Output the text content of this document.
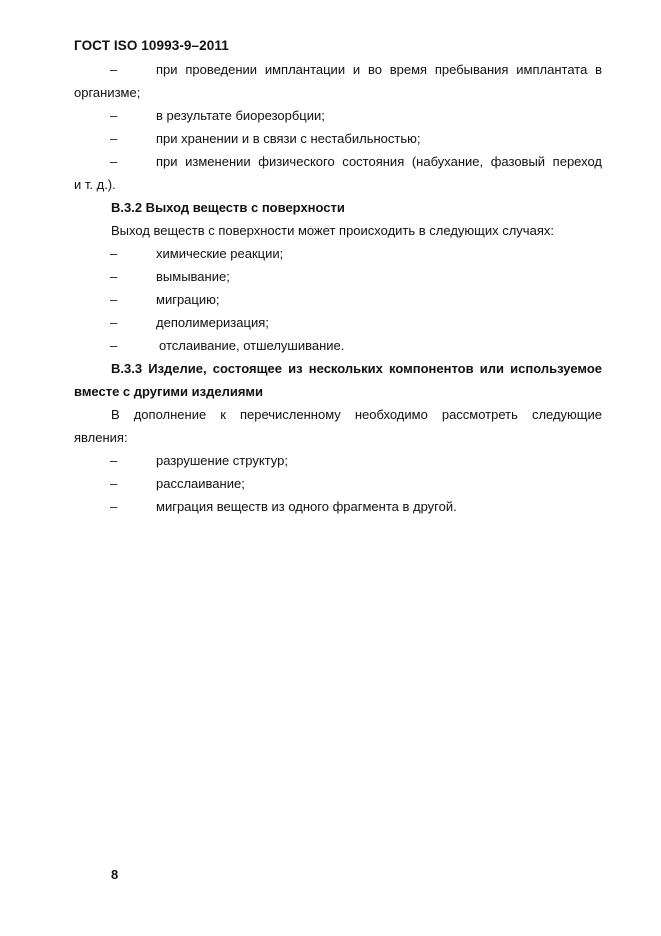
ГОСТ ISO 10993-9–2011
–	при проведении имплантации и во время пребывания имплантата в
организме;
–	в результате биорезорбции;
–	при хранении и в связи с нестабильностью;
–	при изменении физического состояния (набухание, фазовый переход
и т. д.).
В.3.2 Выход веществ с поверхности
Выход веществ с поверхности может происходить в следующих случаях:
–	химические реакции;
–	вымывание;
–	миграцию;
–	деполимеризация;
–	отслаивание, отшелушивание.
В.3.3 Изделие, состоящее из нескольких компонентов или используемое
вместе с другими изделиями
В дополнение к перечисленному необходимо рассмотреть следующие
явления:
–	разрушение структур;
–	расслаивание;
–	миграция веществ из одного фрагмента в другой.
8
